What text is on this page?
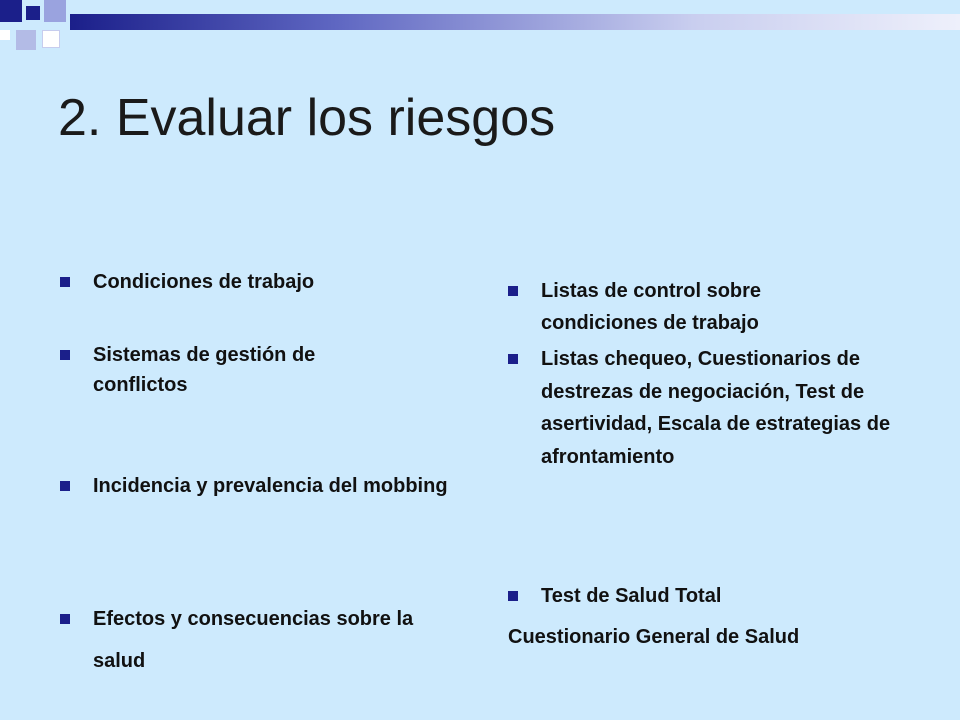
2. Evaluar los riesgos
Condiciones de trabajo
Sistemas de gestión de conflictos
Incidencia y prevalencia del mobbing
Efectos y consecuencias sobre la salud
Listas de control sobre condiciones de trabajo
Listas chequeo, Cuestionarios de destrezas de negociación, Test de asertividad, Escala de estrategias de afrontamiento
Test de Salud Total
Cuestionario General de Salud
